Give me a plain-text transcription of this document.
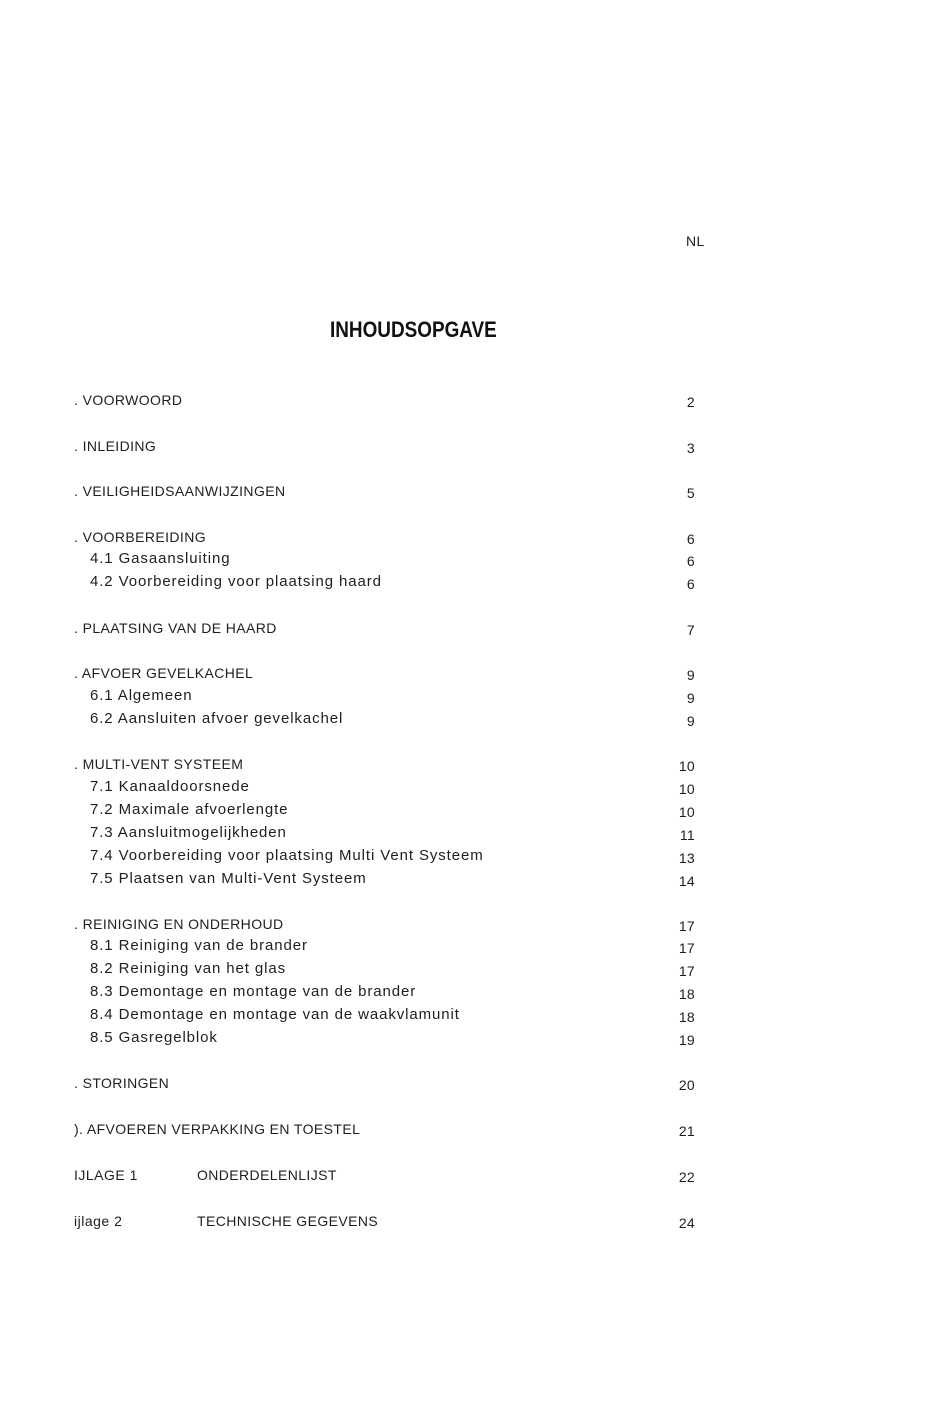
NL
INHOUDSOPGAVE
. VOORWOORD	2
. INLEIDING	3
. VEILIGHEIDSAANWIJZINGEN	5
. VOORBEREIDING	6
4.1 Gasaansluiting	6
4.2 Voorbereiding voor plaatsing haard	6
. PLAATSING VAN DE HAARD	7
. AFVOER GEVELKACHEL	9
6.1 Algemeen	9
6.2 Aansluiten afvoer gevelkachel	9
. MULTI-VENT SYSTEEM	10
7.1 Kanaaldoorsnede	10
7.2 Maximale afvoerlengte	10
7.3 Aansluitmogelijkheden	11
7.4 Voorbereiding voor plaatsing Multi Vent Systeem	13
7.5 Plaatsen van Multi-Vent Systeem	14
. REINIGING EN ONDERHOUD	17
8.1 Reiniging van de brander	17
8.2 Reiniging van het glas	17
8.3 Demontage en montage van de brander	18
8.4 Demontage en montage van de waakvlamunit	18
8.5 Gasregelblok	19
. STORINGEN	20
). AFVOEREN VERPAKKING EN TOESTEL	21
IJLAGE 1	ONDERDELENLIJST	22
ijlage 2	TECHNISCHE GEGEVENS	24
